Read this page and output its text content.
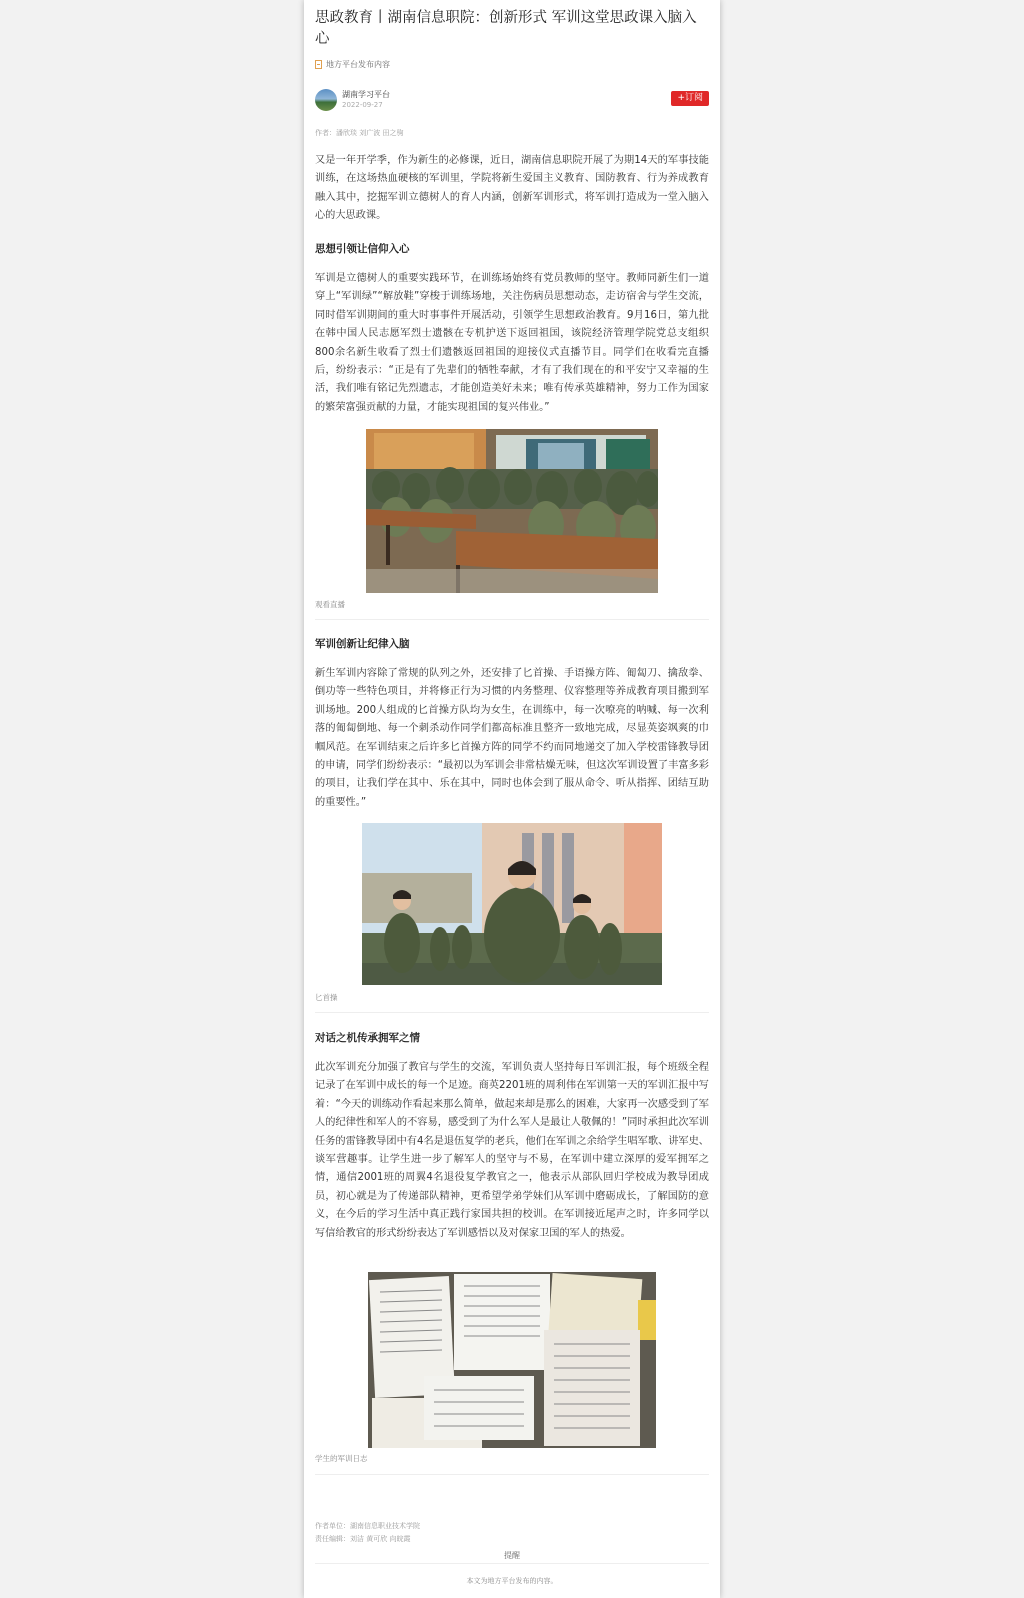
思政教育丨湖南信息职院：创新形式 军训这堂思政课入脑入心
地方平台发布内容
湖南学习平台
2022-09-27
+订阅
作者：潘欣琰 刘广波 田之驹
又是一年开学季，作为新生的必修课，近日，湖南信息职院开展了为期14天的军事技能训练，在这场热血硬核的军训里，学院将新生爱国主义教育、国防教育、行为养成教育融入其中，挖掘军训立德树人的育人内涵，创新军训形式，将军训打造成为一堂入脑入心的大思政课。
思想引领让信仰入心
军训是立德树人的重要实践环节，在训练场始终有党员教师的坚守。教师同新生们一道穿上“军训绿”“解放鞋”穿梭于训练场地，关注伤病员思想动态，走访宿舍与学生交流，同时借军训期间的重大时事事件开展活动，引领学生思想政治教育。9月16日，第九批在韩中国人民志愿军烈士遗骸在专机护送下返回祖国，该院经济管理学院党总支组织800余名新生收看了烈士们遗骸返回祖国的迎接仪式直播节目。同学们在收看完直播后，纷纷表示：“正是有了先辈们的牺牲奉献，才有了我们现在的和平安宁又幸福的生活，我们唯有铭记先烈遗志，才能创造美好未来；唯有传承英雄精神，努力工作为国家的繁荣富强贡献的力量，才能实现祖国的复兴伟业。”
观看直播
军训创新让纪律入脑
新生军训内容除了常规的队列之外，还安排了匕首操、手语操方阵、匍匐刀、擒敌拳、倒功等一些特色项目，并将修正行为习惯的内务整理、仪容整理等养成教育项目搬到军训场地。200人组成的匕首操方队均为女生，在训练中，每一次嘹亮的呐喊、每一次利落的匍匐倒地、每一个刺杀动作同学们都高标准且整齐一致地完成，尽显英姿飒爽的巾帼风范。在军训结束之后许多匕首操方阵的同学不约而同地递交了加入学校雷锋教导团的申请，同学们纷纷表示：“最初以为军训会非常枯燥无味，但这次军训设置了丰富多彩的项目，让我们学在其中、乐在其中，同时也体会到了服从命令、听从指挥、团结互助的重要性。”
匕首操
对话之机传承拥军之情
此次军训充分加强了教官与学生的交流，军训负责人坚持每日军训汇报，每个班级全程记录了在军训中成长的每一个足迹。商英2201班的周利伟在军训第一天的军训汇报中写着：“今天的训练动作看起来那么简单，做起来却是那么的困难，大家再一次感受到了军人的纪律性和军人的不容易，感受到了为什么军人是最让人敬佩的！”同时承担此次军训任务的雷锋教导团中有4名是退伍复学的老兵，他们在军训之余给学生唱军歌、讲军史、谈军营趣事。让学生进一步了解军人的坚守与不易，在军训中建立深厚的爱军拥军之情，通信2001班的周翼4名退役复学教官之一，他表示从部队回归学校成为教导团成员，初心就是为了传递部队精神，更希望学弟学妹们从军训中磨砺成长，了解国防的意义，在今后的学习生活中真正践行家国共担的校训。在军训接近尾声之时，许多同学以写信给教官的形式纷纷表达了军训感悟以及对保家卫国的军人的热爱。
学生的军训日志
作者单位：湖南信息职业技术学院
责任编辑：刘洁 黄可欣 向皖霞
提醒
本文为地方平台发布的内容。
